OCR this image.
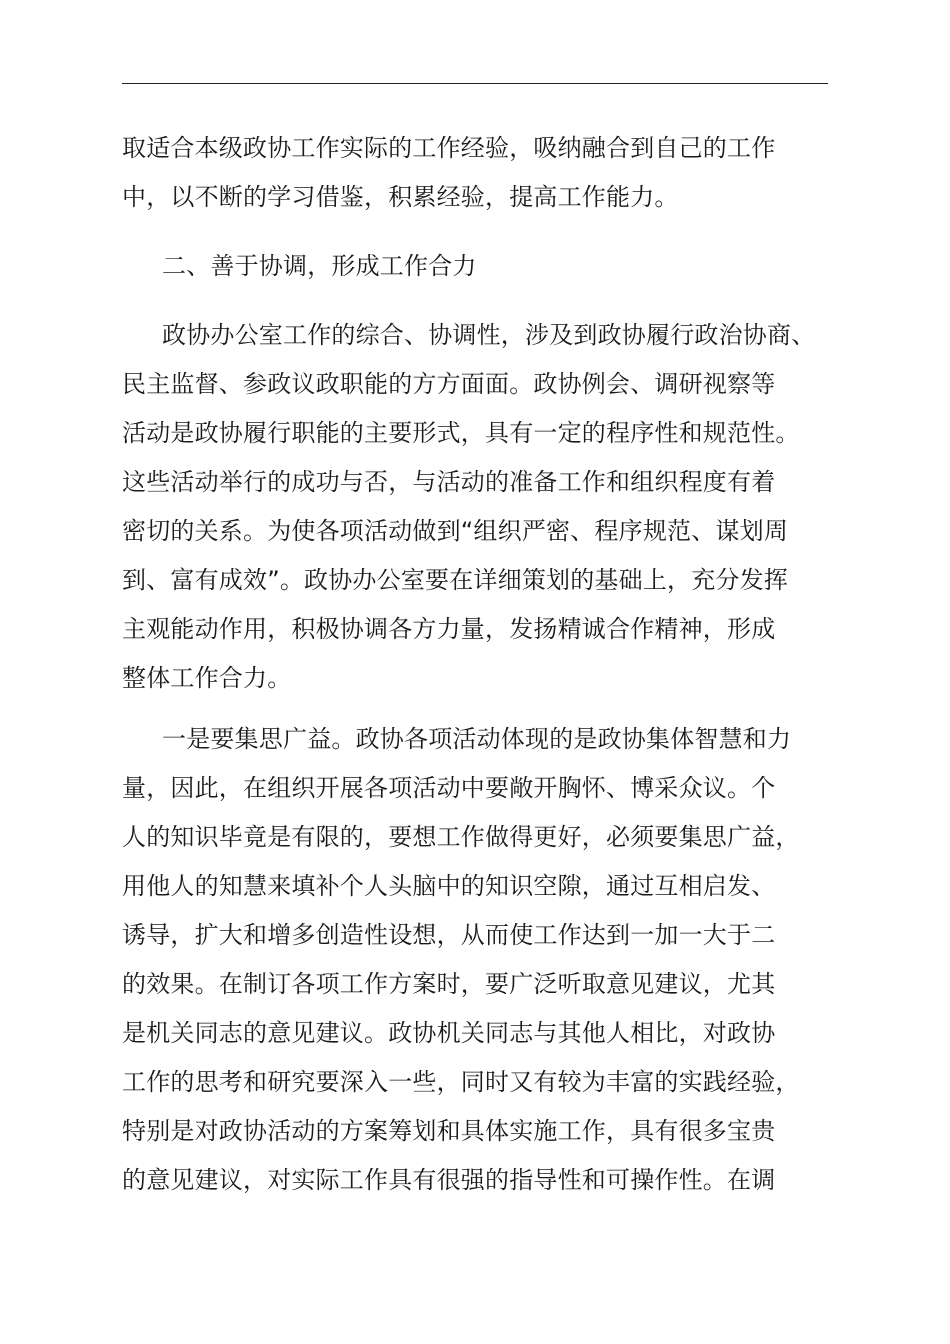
取适合本级政协工作实际的工作经验，吸纳融合到自己的工作
中，以不断的学习借鉴，积累经验，提高工作能力。
二、善于协调，形成工作合力
政协办公室工作的综合、协调性，涉及到政协履行政治协商、
民主监督、参政议政职能的方方面面。政协例会、调研视察等
活动是政协履行职能的主要形式，具有一定的程序性和规范性。
这些活动举行的成功与否，与活动的准备工作和组织程度有着
密切的关系。为使各项活动做到“组织严密、程序规范、谋划周
到、富有成效”。政协办公室要在详细策划的基础上，充分发挥
主观能动作用，积极协调各方力量，发扬精诚合作精神，形成
整体工作合力。
一是要集思广益。政协各项活动体现的是政协集体智慧和力
量，因此，在组织开展各项活动中要敞开胸怀、博采众议。个
人的知识毕竟是有限的，要想工作做得更好，必须要集思广益，
用他人的知慧来填补个人头脑中的知识空隙，通过互相启发、
诱导，扩大和增多创造性设想，从而使工作达到一加一大于二
的效果。在制订各项工作方案时，要广泛听取意见建议，尤其
是机关同志的意见建议。政协机关同志与其他人相比，对政协
工作的思考和研究要深入一些，同时又有较为丰富的实践经验，
特别是对政协活动的方案筹划和具体实施工作，具有很多宝贵
的意见建议，对实际工作具有很强的指导性和可操作性。在调
